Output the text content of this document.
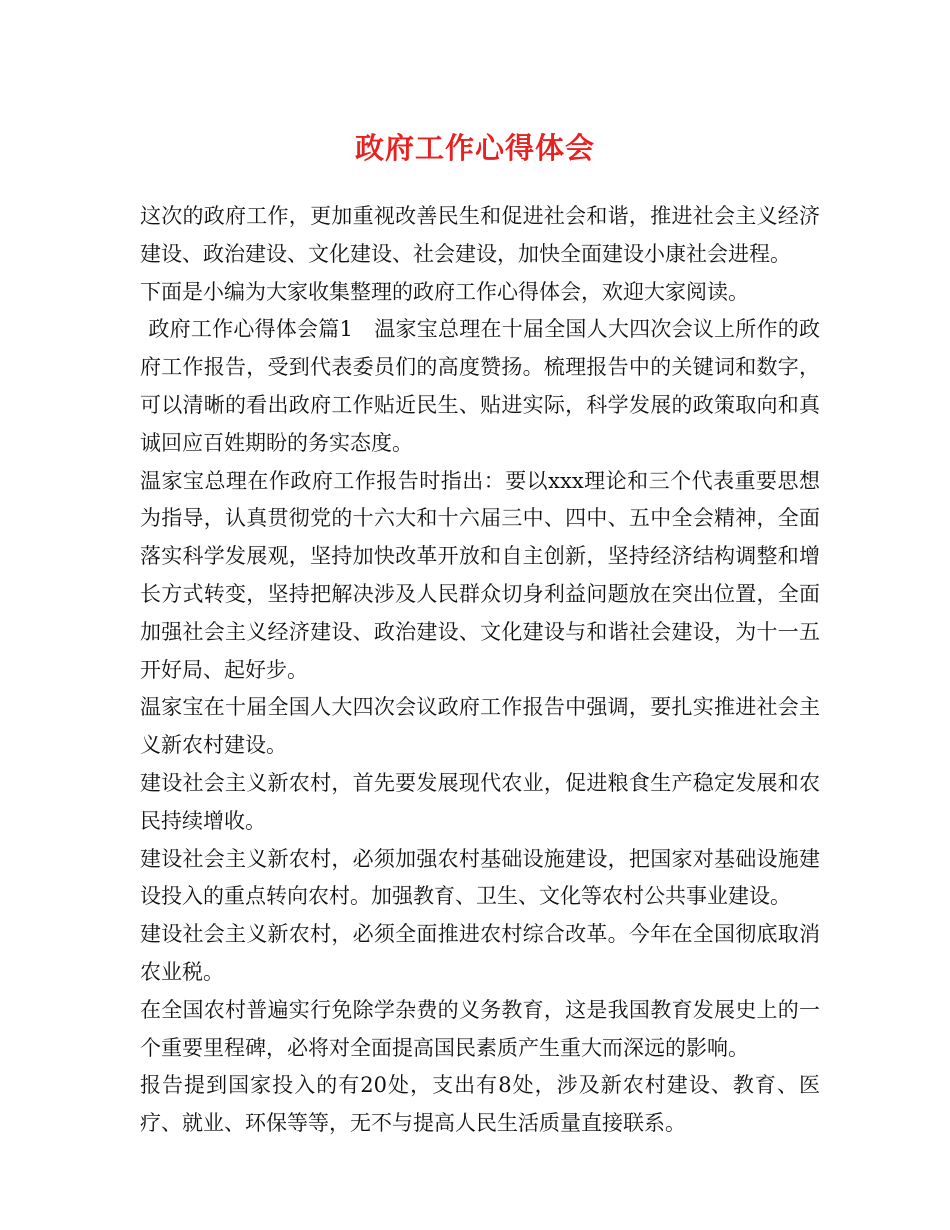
政府工作心得体会

这次的政府工作，更加重视改善民生和促进社会和谐，推进社会主义经济建设、政治建设、文化建设、社会建设，加快全面建设小康社会进程。

下面是小编为大家收集整理的政府工作心得体会，欢迎大家阅读。

政府工作心得体会篇1　温家宝总理在十届全国人大四次会议上所作的政府工作报告，受到代表委员们的高度赞扬。梳理报告中的关键词和数字，可以清晰的看出政府工作贴近民生、贴进实际，科学发展的政策取向和真诚回应百姓期盼的务实态度。

温家宝总理在作政府工作报告时指出：要以xxx理论和三个代表重要思想为指导，认真贯彻党的十六大和十六届三中、四中、五中全会精神，全面落实科学发展观，坚持加快改革开放和自主创新，坚持经济结构调整和增长方式转变，坚持把解决涉及人民群众切身利益问题放在突出位置，全面加强社会主义经济建设、政治建设、文化建设与和谐社会建设，为十一五开好局、起好步。

温家宝在十届全国人大四次会议政府工作报告中强调，要扎实推进社会主义新农村建设。

建设社会主义新农村，首先要发展现代农业，促进粮食生产稳定发展和农民持续增收。

建设社会主义新农村，必须加强农村基础设施建设，把国家对基础设施建设投入的重点转向农村。加强教育、卫生、文化等农村公共事业建设。

建设社会主义新农村，必须全面推进农村综合改革。今年在全国彻底取消农业税。

在全国农村普遍实行免除学杂费的义务教育，这是我国教育发展史上的一个重要里程碑，必将对全面提高国民素质产生重大而深远的影响。

报告提到国家投入的有20处，支出有8处，涉及新农村建设、教育、医疗、就业、环保等等，无不与提高人民生活质量直接联系。
